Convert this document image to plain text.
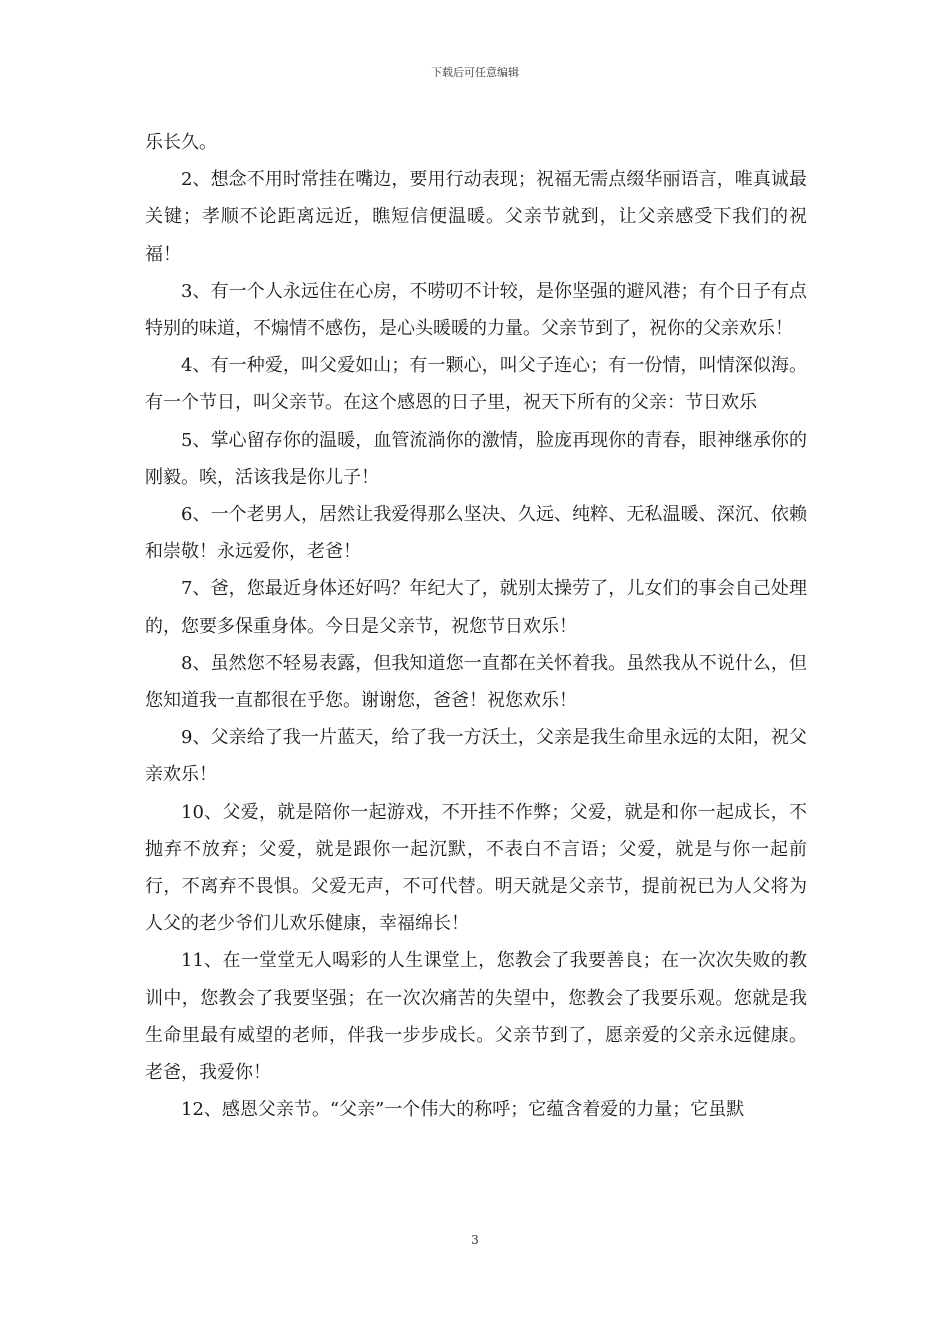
下载后可任意编辑

乐长久。

2、想念不用时常挂在嘴边，要用行动表现；祝福无需点缀华丽语言，唯真诚最关键；孝顺不论距离远近，瞧短信便温暖。父亲节就到，让父亲感受下我们的祝福！

3、有一个人永远住在心房，不唠叨不计较，是你坚强的避风港；有个日子有点特别的味道，不煽情不感伤，是心头暖暖的力量。父亲节到了，祝你的父亲欢乐！

4、有一种爱，叫父爱如山；有一颗心，叫父子连心；有一份情，叫情深似海。有一个节日，叫父亲节。在这个感恩的日子里，祝天下所有的父亲：节日欢乐

5、掌心留存你的温暖，血管流淌你的激情，脸庞再现你的青春，眼神继承你的刚毅。唉，活该我是你儿子！

6、一个老男人，居然让我爱得那么坚决、久远、纯粹、无私温暖、深沉、依赖和崇敬！永远爱你，老爸！

7、爸，您最近身体还好吗？年纪大了，就别太操劳了，儿女们的事会自己处理的，您要多保重身体。今日是父亲节，祝您节日欢乐！

8、虽然您不轻易表露，但我知道您一直都在关怀着我。虽然我从不说什么，但您知道我一直都很在乎您。谢谢您，爸爸！祝您欢乐！

9、父亲给了我一片蓝天，给了我一方沃土，父亲是我生命里永远的太阳，祝父亲欢乐！

10、父爱，就是陪你一起游戏，不开挂不作弊；父爱，就是和你一起成长，不抛弃不放弃；父爱，就是跟你一起沉默，不表白不言语；父爱，就是与你一起前行，不离弃不畏惧。父爱无声，不可代替。明天就是父亲节，提前祝已为人父将为人父的老少爷们儿欢乐健康，幸福绵长！

11、在一堂堂无人喝彩的人生课堂上，您教会了我要善良；在一次次失败的教训中，您教会了我要坚强；在一次次痛苦的失望中，您教会了我要乐观。您就是我生命里最有威望的老师，伴我一步步成长。父亲节到了，愿亲爱的父亲永远健康。老爸，我爱你！

12、感恩父亲节。“父亲”一个伟大的称呼；它蕴含着爱的力量；它虽默

3
